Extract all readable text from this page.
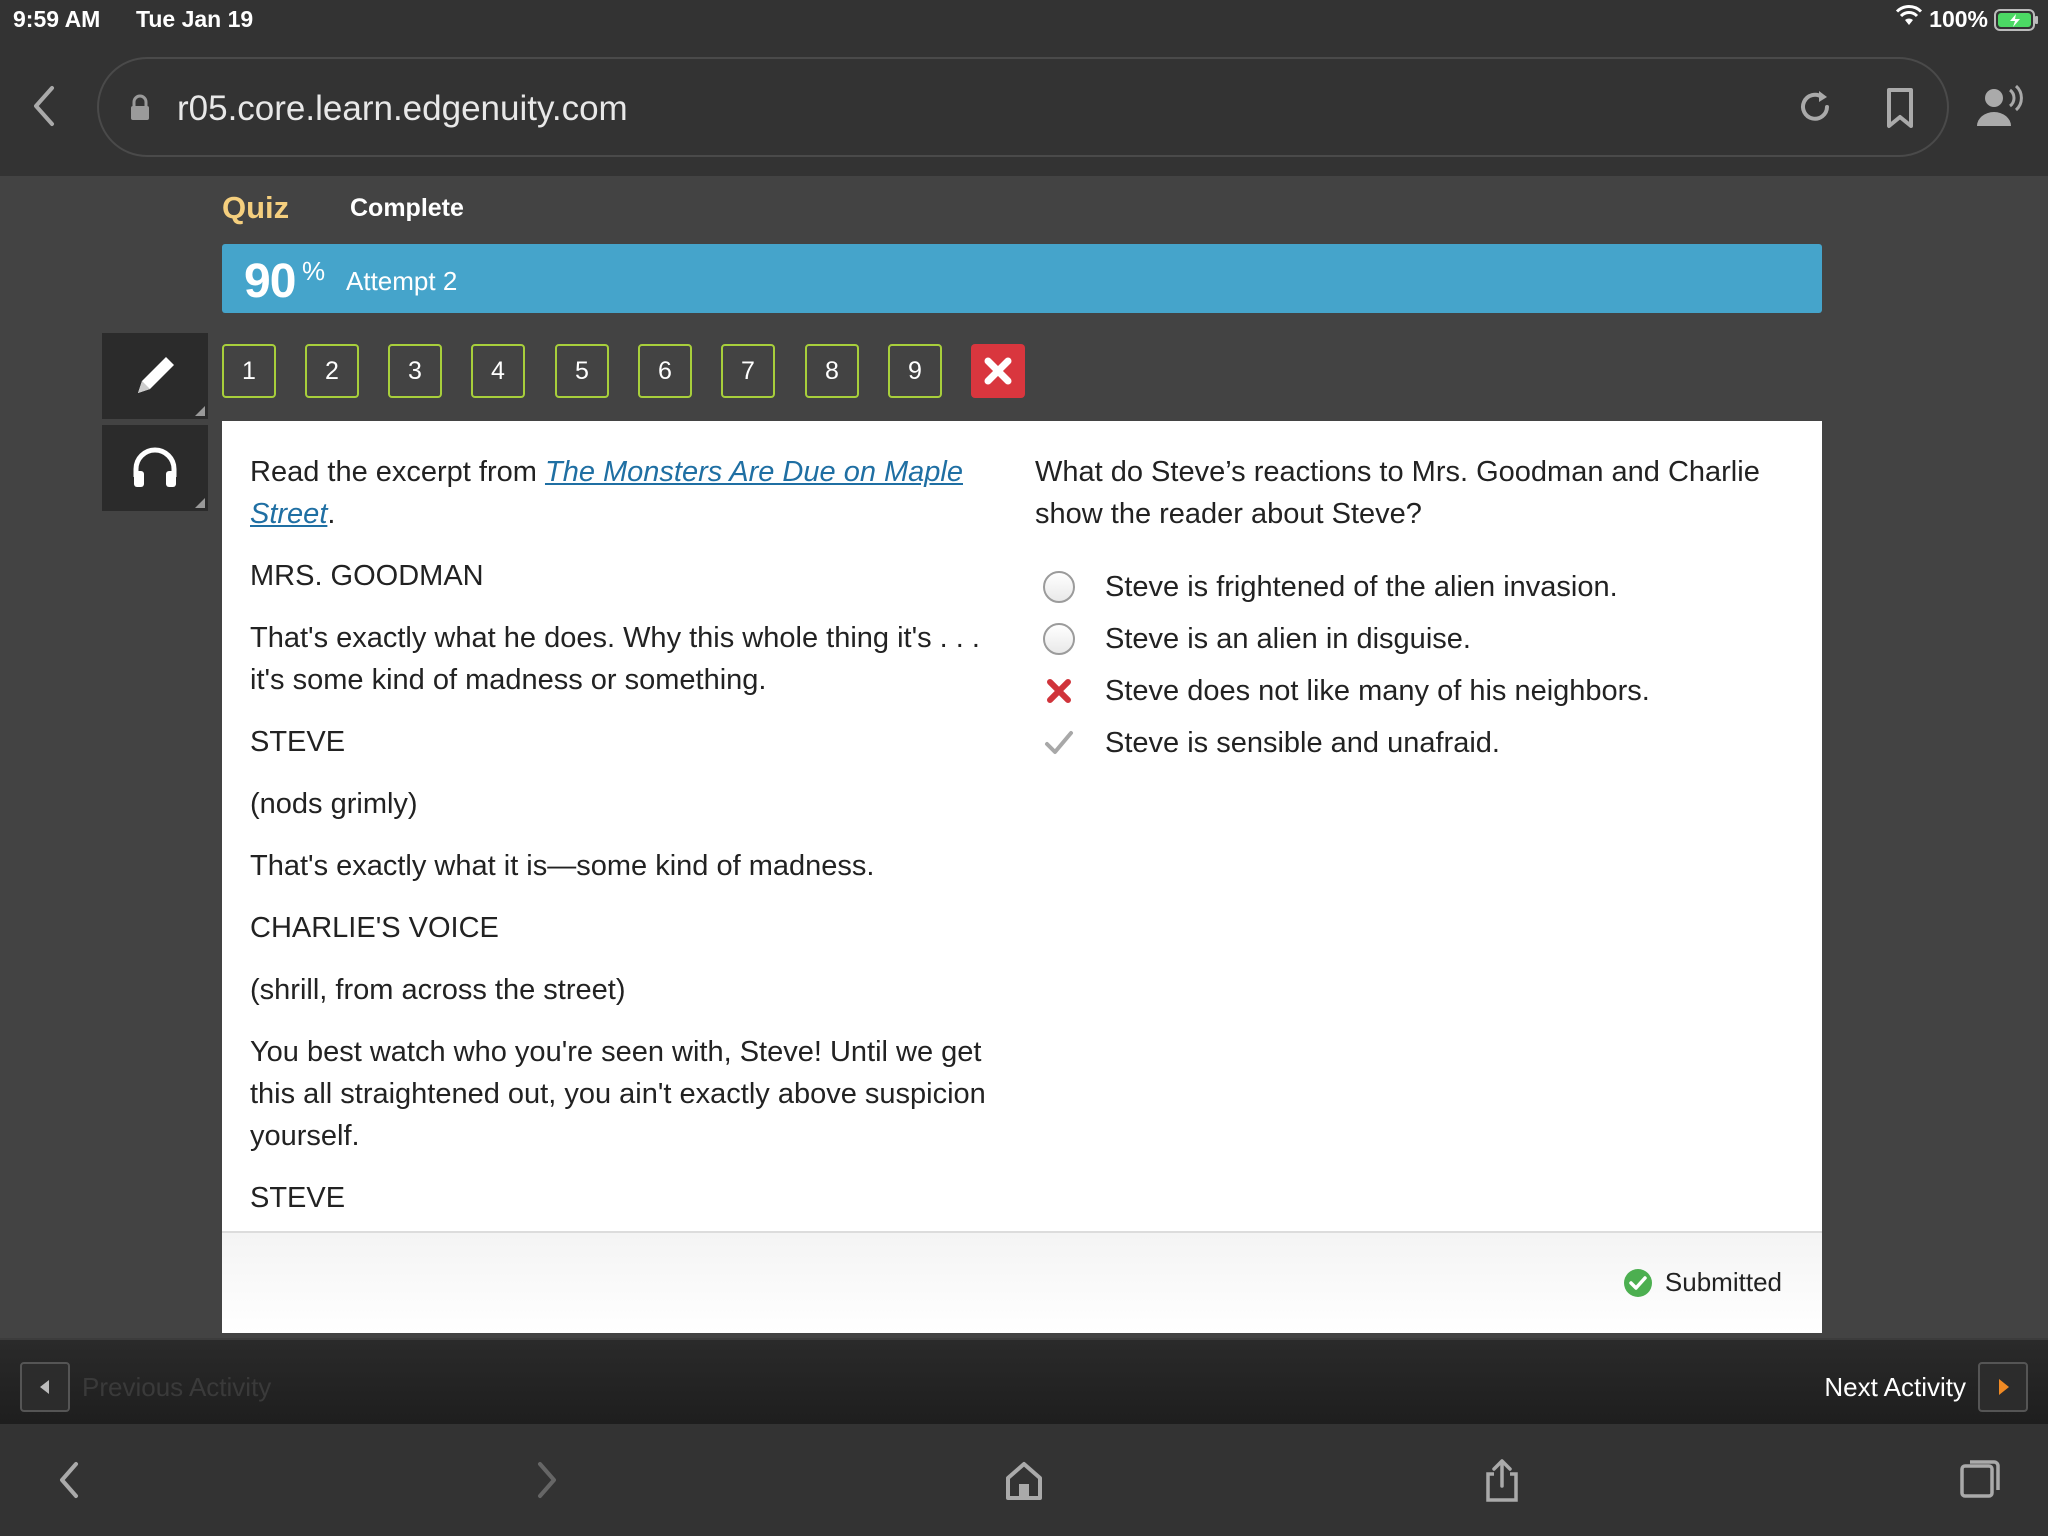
9:59 AM Tue Jan 19	100%
r05.core.learn.edgenuity.com
Quiz Complete
90 % Attempt 2
1	2	3	4	5	6	7	8	9

Read the excerpt from The Monsters Are Due on Maple Street.

MRS. GOODMAN

That's exactly what he does. Why this whole thing it's . . . it's some kind of madness or something.

STEVE

(nods grimly)

That's exactly what it is—some kind of madness.

CHARLIE'S VOICE

(shrill, from across the street)

You best watch who you're seen with, Steve! Until we get this all straightened out, you ain't exactly above suspicion yourself.

STEVE

What do Steve’s reactions to Mrs. Goodman and Charlie show the reader about Steve?

Steve is frightened of the alien invasion.
Steve is an alien in disguise.
Steve does not like many of his neighbors.
Steve is sensible and unafraid.
Submitted
Previous Activity	Next Activity
